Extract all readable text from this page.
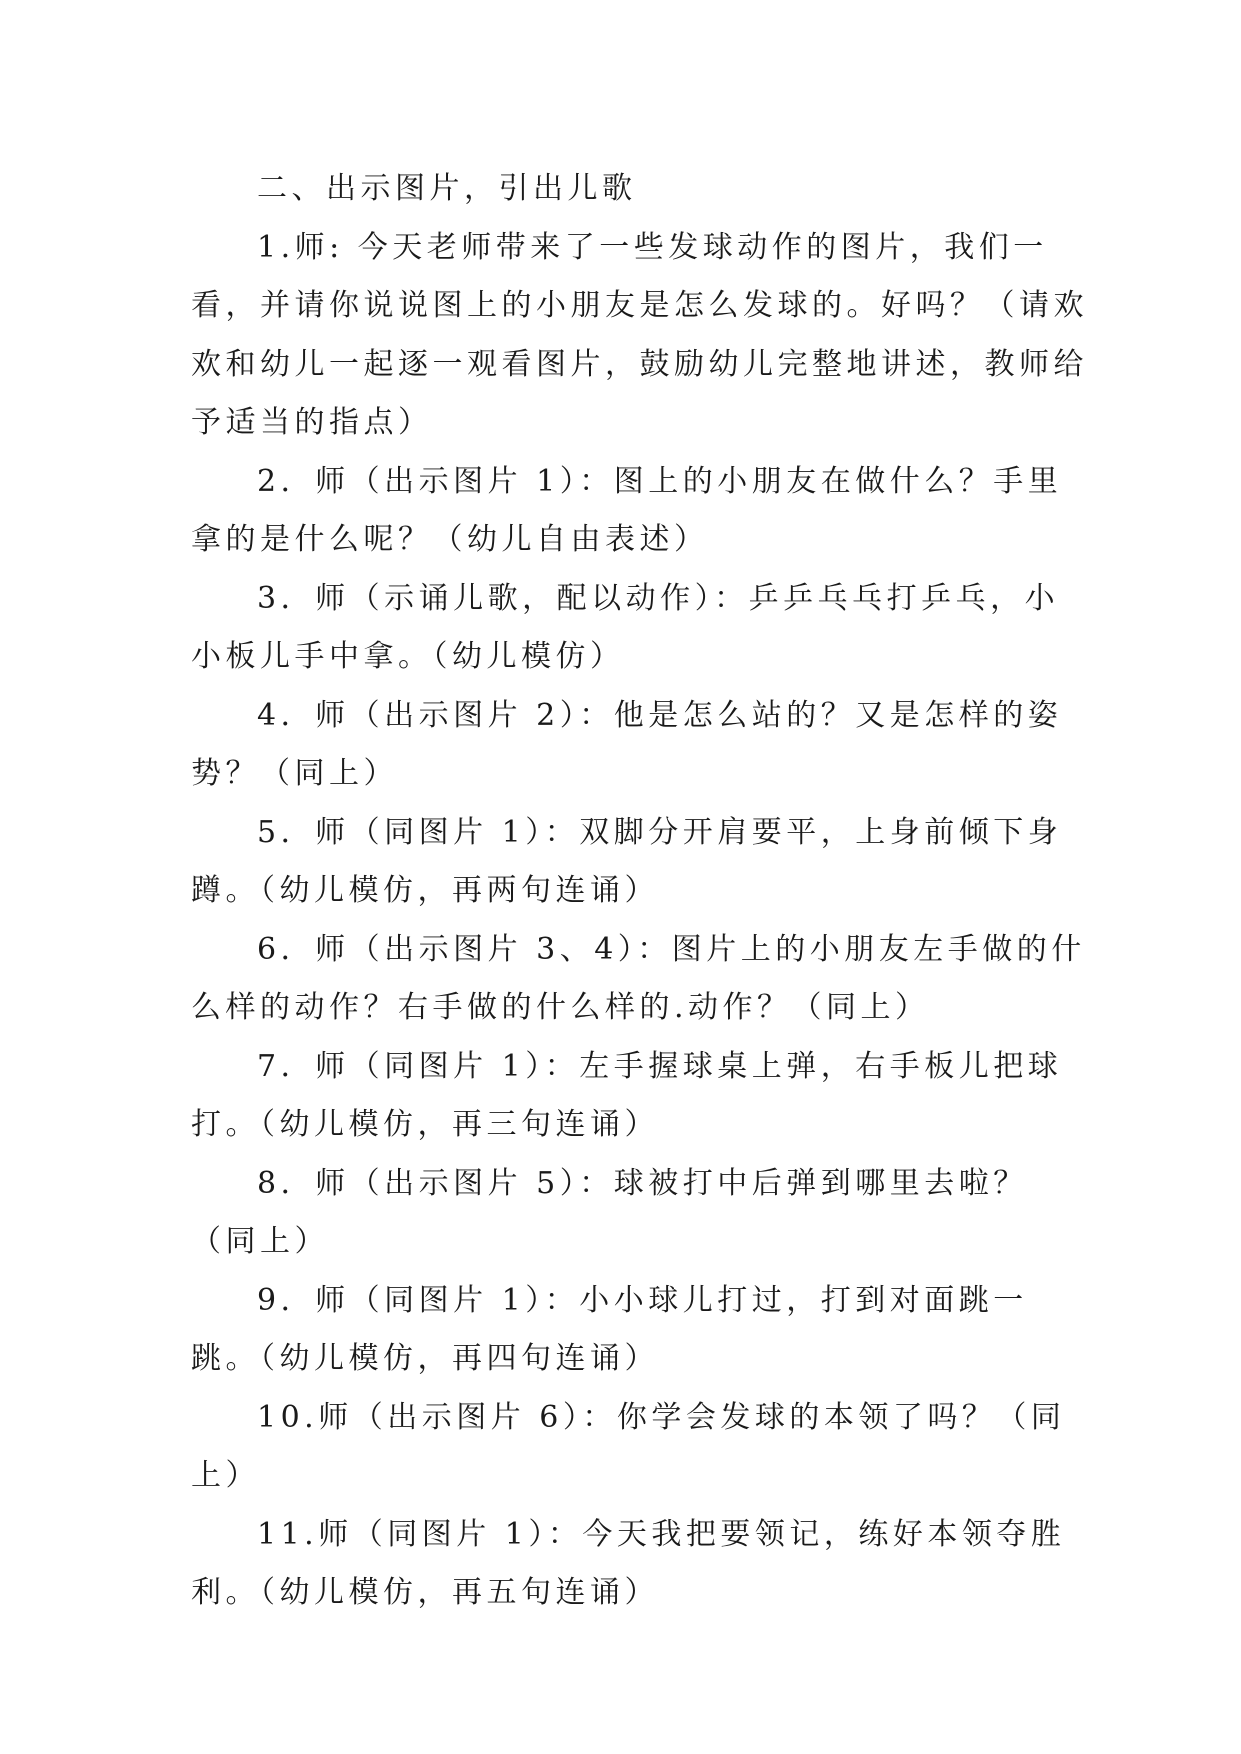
二、出示图片，引出儿歌

1.师: 今天老师带来了一些发球动作的图片，我们一看，并请你说说图上的小朋友是怎么发球的。好吗？（请欢欢和幼儿一起逐一观看图片，鼓励幼儿完整地讲述，教师给予适当的指点）

2．师（出示图片 1）：图上的小朋友在做什么？手里拿的是什么呢？（幼儿自由表述）

3．师（示诵儿歌，配以动作）：乒乒乓乓打乒乓，小小板儿手中拿。（幼儿模仿）

4．师（出示图片 2）：他是怎么站的？又是怎样的姿势？（同上）

5．师（同图片 1）：双脚分开肩要平，上身前倾下身蹲。（幼儿模仿，再两句连诵）

6．师（出示图片 3、4）：图片上的小朋友左手做的什么样的动作？右手做的什么样的.动作？（同上）

7．师（同图片 1）：左手握球桌上弹，右手板儿把球打。（幼儿模仿，再三句连诵）

8．师（出示图片 5）：球被打中后弹到哪里去啦？（同上）

9．师（同图片 1）：小小球儿打过，打到对面跳一跳。（幼儿模仿，再四句连诵）

10.师（出示图片 6）：你学会发球的本领了吗？（同上）

11.师（同图片 1）：今天我把要领记，练好本领夺胜利。（幼儿模仿，再五句连诵）
